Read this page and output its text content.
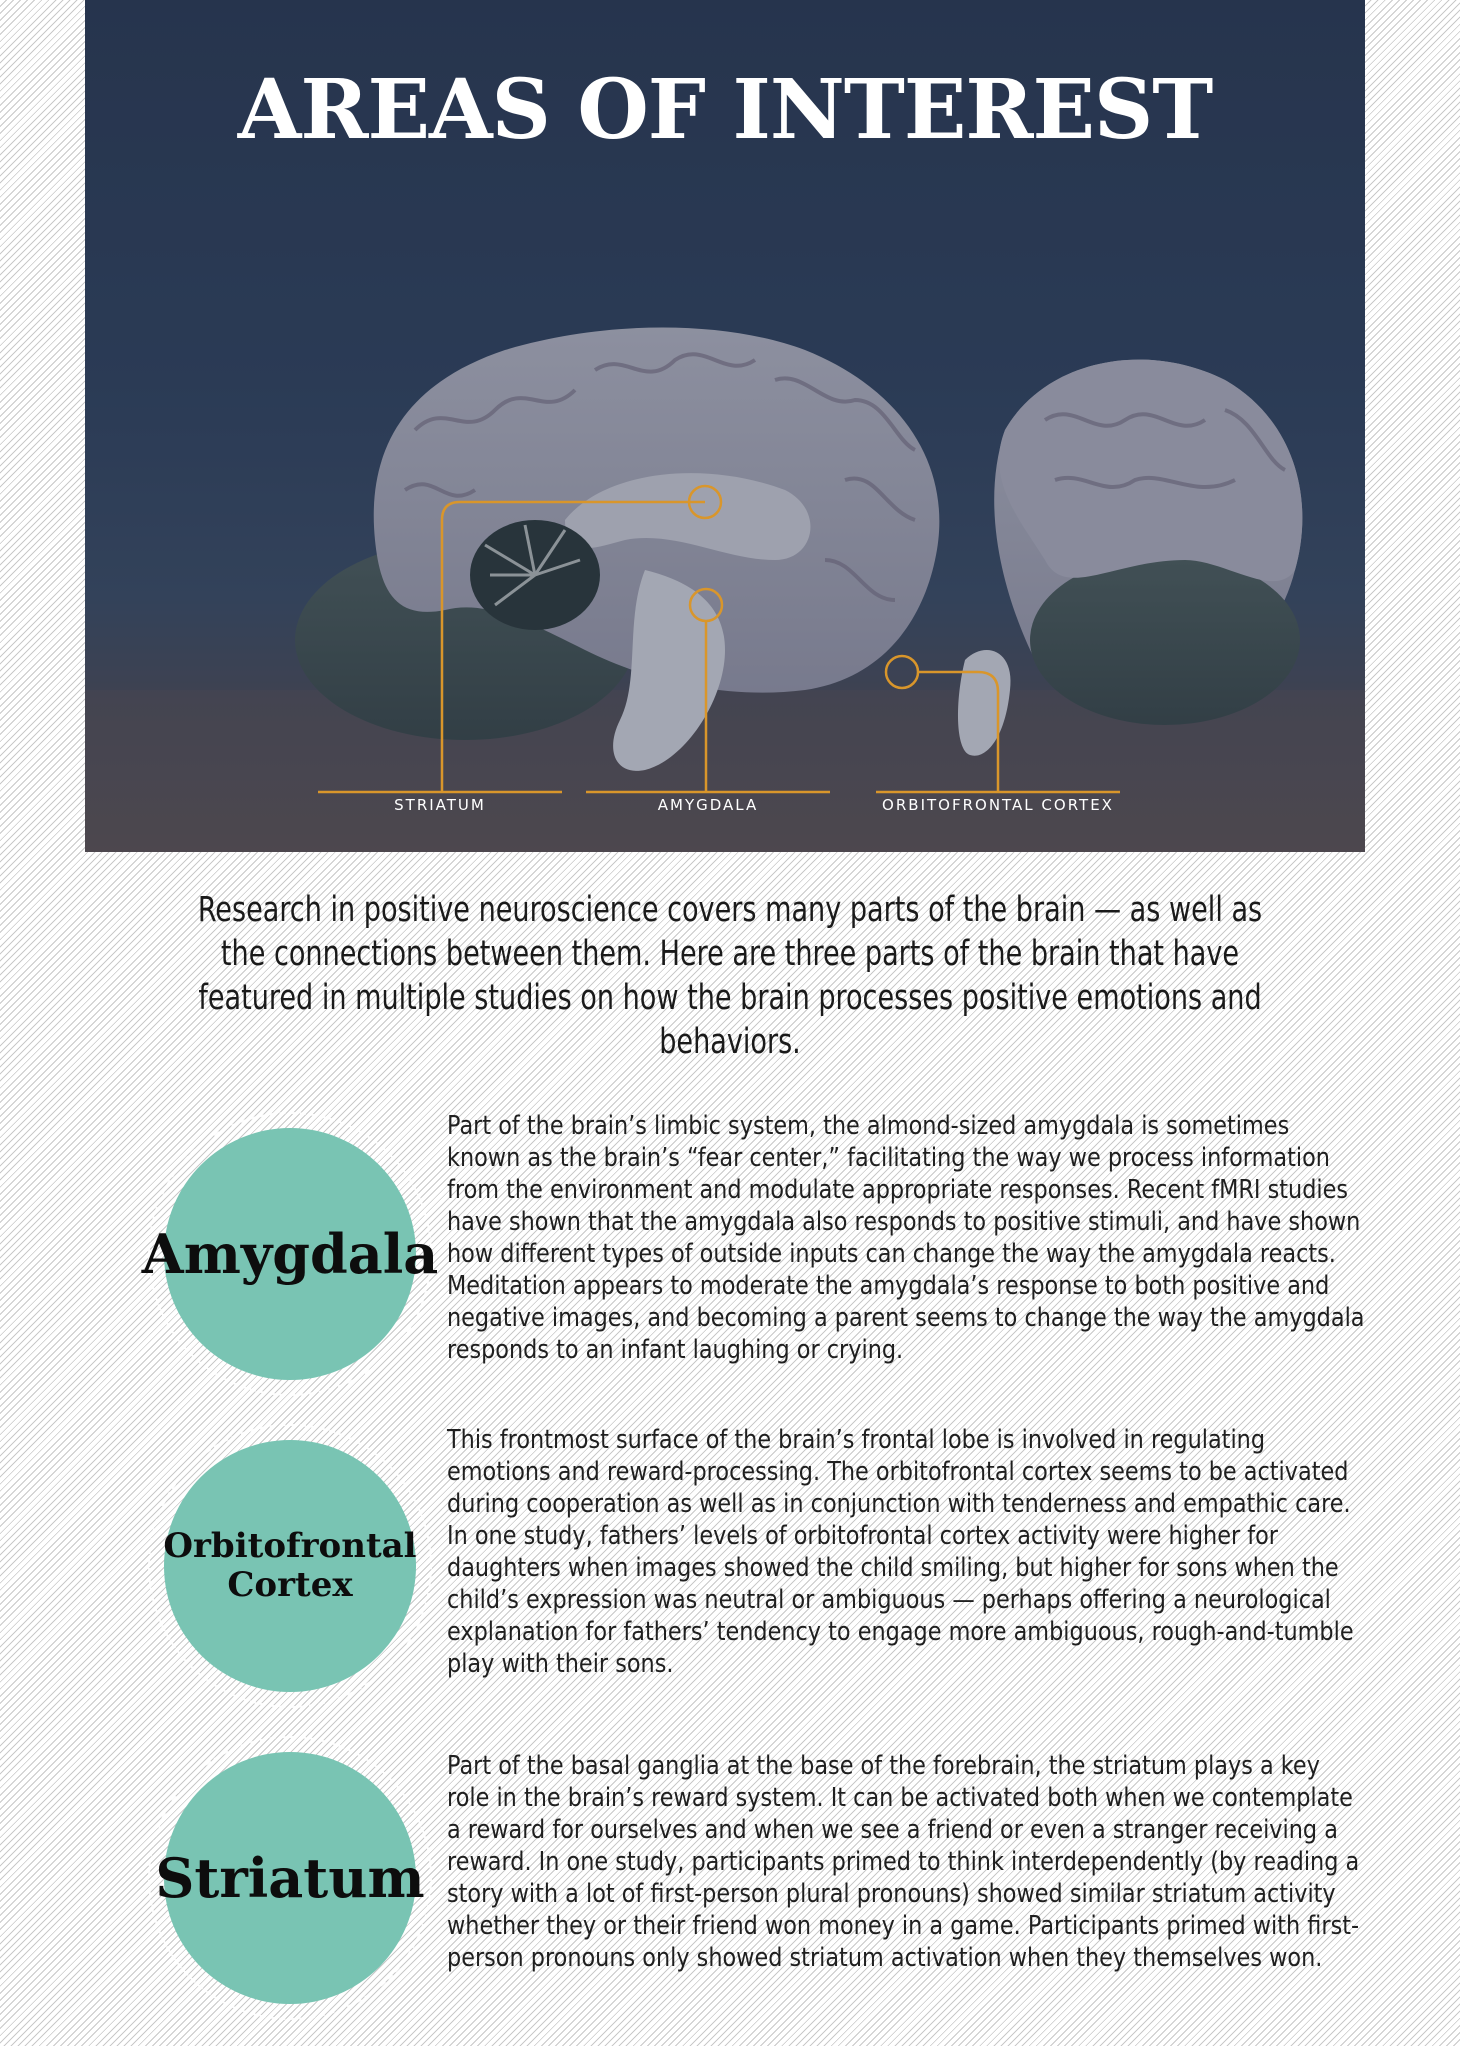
AREAS OF INTEREST
STRIATUM	AMYGDALA	ORBITOFRONTAL CORTEX

Research in positive neuroscience covers many parts of the brain — as well as the connections between them. Here are three parts of the brain that have featured in multiple studies on how the brain processes positive emotions and behaviors.

Amygdala

Part of the brain’s limbic system, the almond-sized amygdala is sometimes known as the brain’s “fear center,” facilitating the way we process information from the environment and modulate appropriate responses. Recent fMRI studies have shown that the amygdala also responds to positive stimuli, and have shown how different types of outside inputs can change the way the amygdala reacts. Meditation appears to moderate the amygdala’s response to both positive and negative images, and becoming a parent seems to change the way the amygdala responds to an infant laughing or crying.

Orbitofrontal
Cortex

This frontmost surface of the brain’s frontal lobe is involved in regulating emotions and reward-processing. The orbitofrontal cortex seems to be activated during cooperation as well as in conjunction with tenderness and empathic care. In one study, fathers’ levels of orbitofrontal cortex activity were higher for daughters when images showed the child smiling, but higher for sons when the child’s expression was neutral or ambiguous — perhaps offering a neurological explanation for fathers’ tendency to engage more ambiguous, rough-and-tumble play with their sons.

Striatum

Part of the basal ganglia at the base of the forebrain, the striatum plays a key role in the brain’s reward system. It can be activated both when we contemplate a reward for ourselves and when we see a friend or even a stranger receiving a reward. In one study, participants primed to think interdependently (by reading a story with a lot of first-person plural pronouns) showed similar striatum activity whether they or their friend won money in a game. Participants primed with first-person pronouns only showed striatum activation when they themselves won.
